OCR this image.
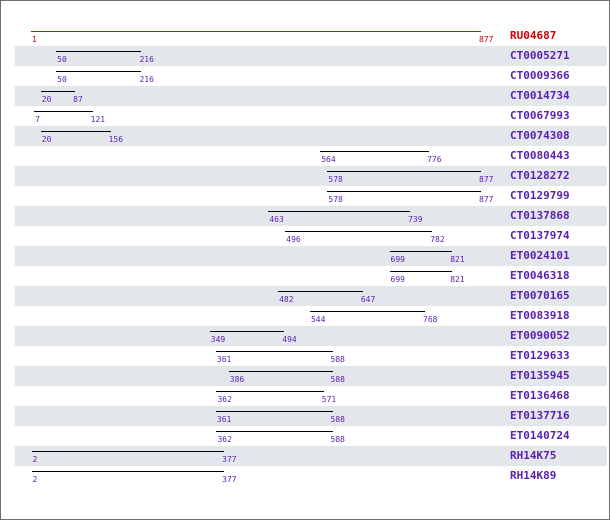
1	877 RU04687
50	216	CT0005271
50	216	CT0009366
20	87	CT0014734
7	121	CT0067993
20	156	CT0074308
564	776	CT0080443
578	877 CT0128272
578	877 CT0129799
463	739	CT0137868
496	782	CT0137974
699	821	ET0024101
699	821	ET0046318
482	647	ET0070165
544	768	ET0083918
349	494	ET0090052
361	588	ET0129633
386	588	ET0135945
362	571	ET0136468
361	588	ET0137716
362	588	ET0140724
2	377	RH14K75
2	377	RH14K89
